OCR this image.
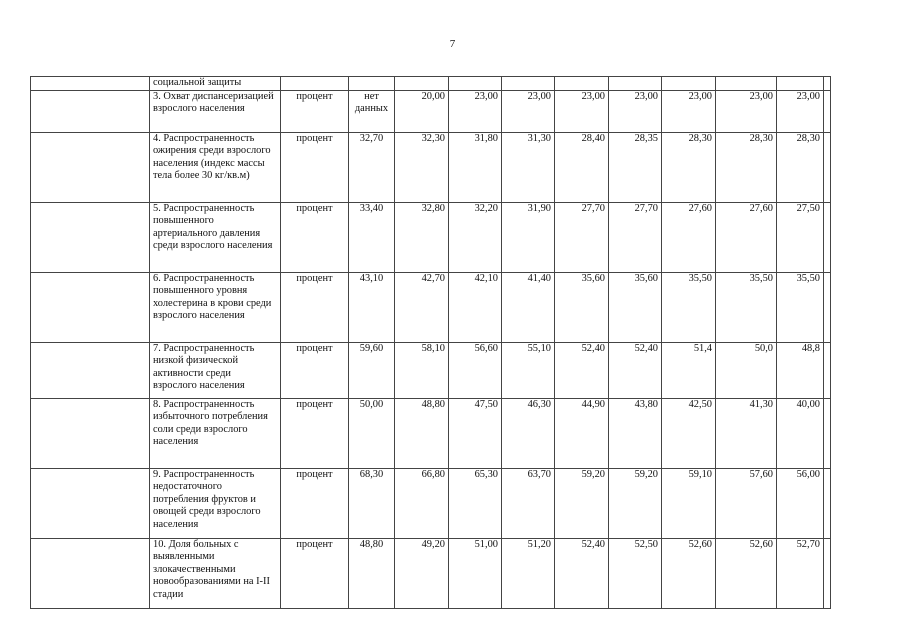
7
	социальной защиты											
	3. Охват диспансеризацией взрослого населения	процент	нет данных	20,00	23,00	23,00	23,00	23,00	23,00	23,00	23,00	
	4. Распространенность ожирения среди взрослого населения (индекс массы тела более 30 кг/кв.м)	процент	32,70	32,30	31,80	31,30	28,40	28,35	28,30	28,30	28,30	
	5. Распространенность повышенного артериального давления среди взрослого населения	процент	33,40	32,80	32,20	31,90	27,70	27,70	27,60	27,60	27,50	
	6. Распространенность повышенного уровня холестерина в крови среди взрослого населения	процент	43,10	42,70	42,10	41,40	35,60	35,60	35,50	35,50	35,50	
	7. Распространенность низкой физической активности среди взрослого населения	процент	59,60	58,10	56,60	55,10	52,40	52,40	51,4	50,0	48,8	
	8. Распространенность избыточного потребления соли среди взрослого населения	процент	50,00	48,80	47,50	46,30	44,90	43,80	42,50	41,30	40,00	
	9. Распространенность недостаточного потребления фруктов и овощей среди взрослого населения	процент	68,30	66,80	65,30	63,70	59,20	59,20	59,10	57,60	56,00	
	10. Доля больных с выявленными злокачественными новообразованиями на I-II стадии	процент	48,80	49,20	51,00	51,20	52,40	52,50	52,60	52,60	52,70	
